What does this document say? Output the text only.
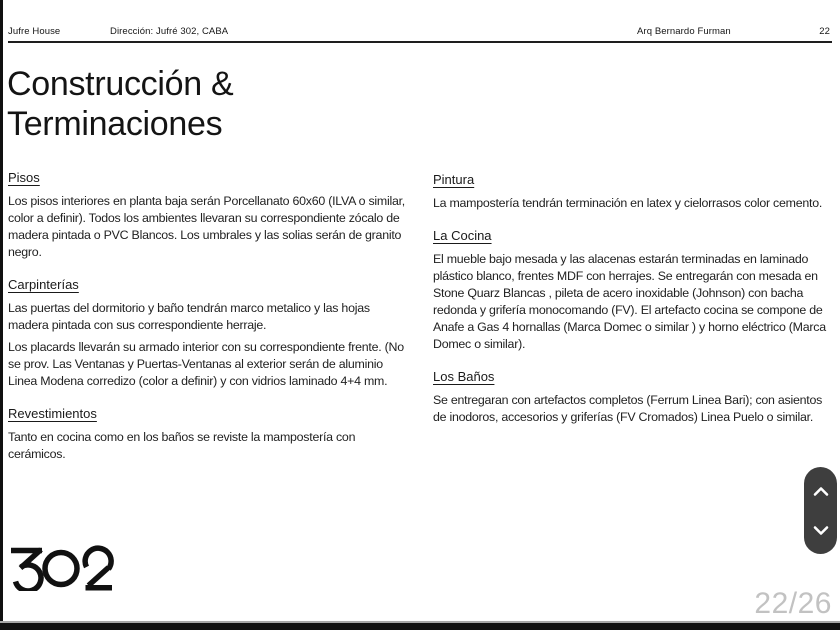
Jufre House	Dirección: Jufré 302, CABA	Arq Bernardo Furman	22
Construcción &
Terminaciones
Pisos

Los pisos interiores en planta baja serán Porcellanato 60x60 (ILVA o similar, color a definir). Todos los ambientes llevaran su correspondiente zócalo de madera pintada o PVC Blancos. Los umbrales y las solias serán de granito negro.

Carpinterías

Las puertas del dormitorio y baño tendrán marco metalico y las hojas madera pintada con sus correspondiente herraje.

Los placards llevarán su armado interior con su correspondiente frente. (No se prov. Las Ventanas y Puertas-Ventanas al exterior serán de aluminio Linea Modena corredizo (color a definir) y con vidrios laminado 4+4 mm.

Revestimientos

Tanto en cocina como en los baños se reviste la mampostería con cerámicos.

Pintura

La mampostería tendrán terminación en latex y cielorrasos color cemento.

La Cocina

El mueble bajo mesada y las alacenas estarán terminadas en laminado plástico blanco, frentes MDF con herrajes. Se entregarán con mesada en Stone Quarz Blancas , pileta de acero inoxidable (Johnson) con bacha redonda y grifería monocomando (FV). El artefacto cocina se compone de Anafe a Gas 4 hornallas (Marca Domec o similar ) y horno eléctrico (Marca Domec o similar).

Los Baños

Se entregaran con artefactos completos (Ferrum Linea Bari); con asientos de inodoros, accesorios y griferías (FV Cromados) Linea Puelo o similar.

22/26
